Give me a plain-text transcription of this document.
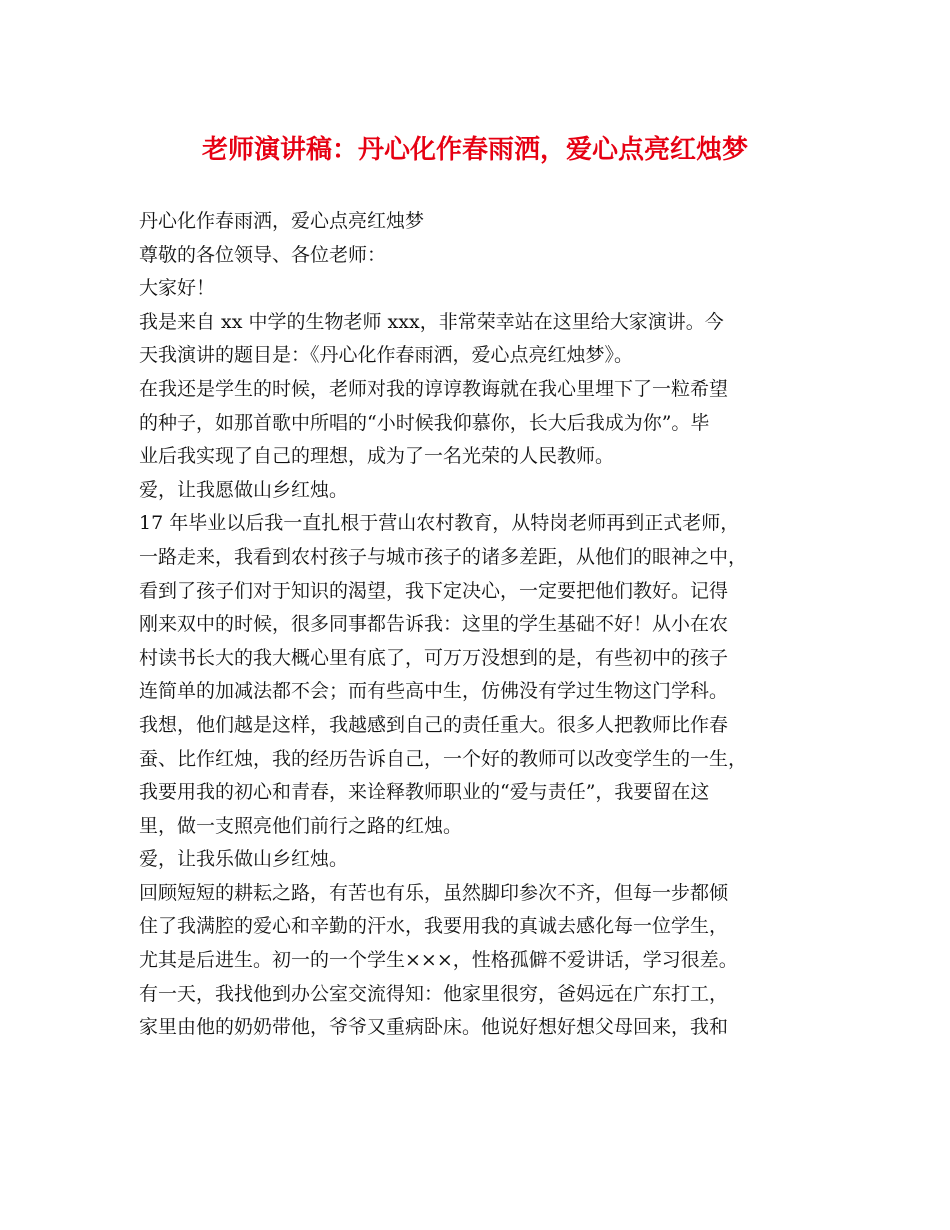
老师演讲稿：丹心化作春雨洒，爱心点亮红烛梦
丹心化作春雨洒，爱心点亮红烛梦
尊敬的各位领导、各位老师：
大家好！
我是来自 xx 中学的生物老师 xxx，非常荣幸站在这里给大家演讲。今
天我演讲的题目是：《丹心化作春雨洒，爱心点亮红烛梦》。
在我还是学生的时候，老师对我的谆谆教诲就在我心里埋下了一粒希望
的种子，如那首歌中所唱的“小时候我仰慕你，长大后我成为你”。毕
业后我实现了自己的理想，成为了一名光荣的人民教师。
爱，让我愿做山乡红烛。
17 年毕业以后我一直扎根于营山农村教育，从特岗老师再到正式老师，
一路走来，我看到农村孩子与城市孩子的诸多差距，从他们的眼神之中，
看到了孩子们对于知识的渴望，我下定决心，一定要把他们教好。记得
刚来双中的时候，很多同事都告诉我：这里的学生基础不好！从小在农
村读书长大的我大概心里有底了，可万万没想到的是，有些初中的孩子
连简单的加减法都不会；而有些高中生，仿佛没有学过生物这门学科。
我想，他们越是这样，我越感到自己的责任重大。很多人把教师比作春
蚕、比作红烛，我的经历告诉自己，一个好的教师可以改变学生的一生，
我要用我的初心和青春，来诠释教师职业的“爱与责任”，我要留在这
里，做一支照亮他们前行之路的红烛。
爱，让我乐做山乡红烛。
回顾短短的耕耘之路，有苦也有乐，虽然脚印参次不齐，但每一步都倾
住了我满腔的爱心和辛勤的汗水，我要用我的真诚去感化每一位学生，
尤其是后进生。初一的一个学生×××，性格孤僻不爱讲话，学习很差。
有一天，我找他到办公室交流得知：他家里很穷，爸妈远在广东打工，
家里由他的奶奶带他，爷爷又重病卧床。他说好想好想父母回来，我和
